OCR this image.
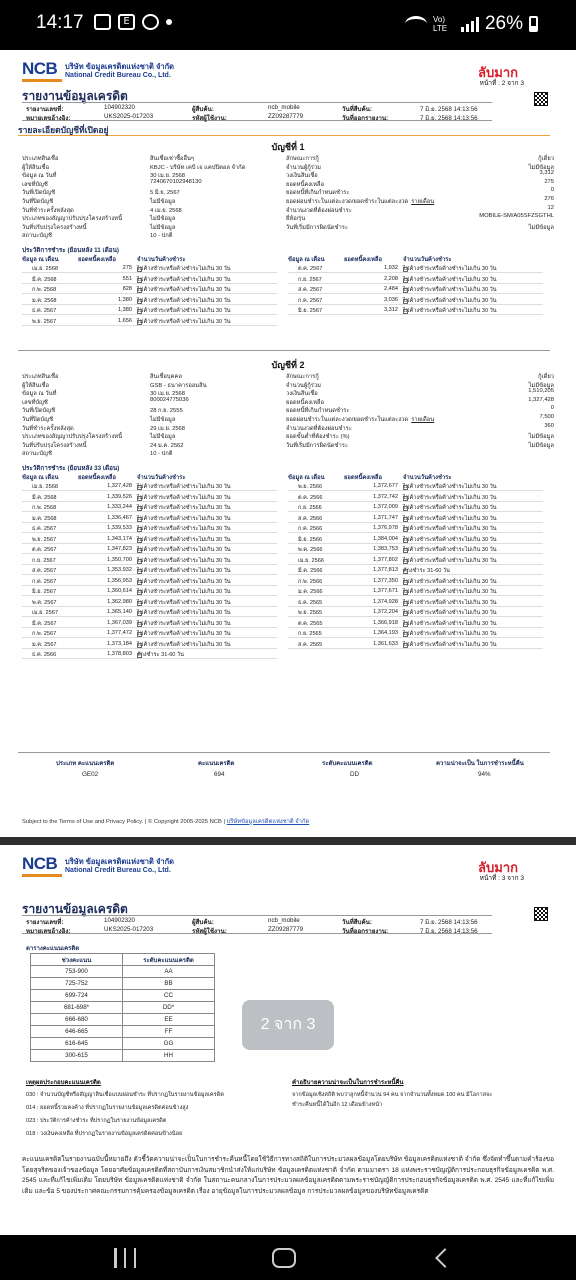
14:17	E	Vo) LTE	26%
NCB	บริษัท ข้อมูลเครดิตแห่งชาติ จำกัด
National Credit Bureau Co., Ltd.	ลับมาก
หน้าที่ : 2 จาก 3
รายงานข้อมูลเครดิต
รายงานเลขที่:	104902320
หมายเลขอ้างอิง:	UKS2025-017203
ผู้สืบค้น:	ncb_mobile
รหัสผู้ใช้งาน:	ZZ09287779
วันที่สืบค้น:	7 มิ.ย. 2568 14:13:56
วันที่ออกรายงาน:	7 มิ.ย. 2568 14:13:56
รายละเอียดบัญชีที่เปิดอยู่
ประเภท คะแนนเครดิต	คะแนนเครดิต	ระดับคะแนนเครดิต	ความน่าจะเป็น ในการชำระหนี้คืน
GE02	694	DD	94%
Subject to the Terms of Use and Privacy Policy. | © Copyright 2005-2025 NCB | บริษัทข้อมูลเครดิตแห่งชาติ จำกัด
บัญชีที่ 1
ประเภทสินเชื่อ	สินเชื่อเช่าซื้ออื่นๆ
ผู้ให้สินเชื่อ	KBJC - บริษัท เคบี เจ แคปปิตอล จำกัด
ข้อมูล ณ วันที่	30 เม.ย. 2568
เลขที่บัญชี	7240670102948130
วันที่เปิดบัญชี	5 มิ.ย. 2567
วันที่ปิดบัญชี	ไม่มีข้อมูล
วันที่ชำระครั้งหลังสุด	4 เม.ย. 2568
ประเภทของสัญญาปรับปรุงโครงสร้างหนี้	ไม่มีข้อมูล
วันที่ปรับปรุงโครงสร้างหนี้	ไม่มีข้อมูล
สถานะบัญชี	10 - ปกติ
ลักษณะการกู้	กู้เดี่ยว
จำนวนผู้กู้ร่วม	ไม่มีข้อมูล
วงเงินสินเชื่อ	3,312
ยอดหนี้คงเหลือ	275
ยอดหนี้ที่เกินกำหนดชำระ	0
ยอดผ่อนชำระในแต่ละงวด/ยอดชำระในแต่ละงวด รายเดือน	276
จำนวนงวดที่ต้องผ่อนชำระ	12
ยี่ห้อ/รุ่น	MOBILE-SM/A05SFZSGTHL
วันที่เริ่มมีการผิดนัดชำระ	ไม่มีข้อมูล
ประวัติการชำระ (ย้อนหลัง 11 เดือน)
ข้อมูล ณ เดือน	ยอดหนี้คงเหลือ	จำนวนวันค้างชำระ	ข้อมูล ณ เดือน	ยอดหนี้คงเหลือ	จำนวนวันค้างชำระ
เม.ย. 2568	275 ไม่ค้างชำระหรือค้างชำระไม่เกิน 30 วัน
มี.ค. 2568	551 ไม่ค้างชำระหรือค้างชำระไม่เกิน 30 วัน
ก.พ. 2568	828 ไม่ค้างชำระหรือค้างชำระไม่เกิน 30 วัน
ม.ค. 2568	1,380 ไม่ค้างชำระหรือค้างชำระไม่เกิน 30 วัน
ธ.ค. 2567	1,380 ไม่ค้างชำระหรือค้างชำระไม่เกิน 30 วัน
พ.ย. 2567	1,656 ไม่ค้างชำระหรือค้างชำระไม่เกิน 30 วัน
ต.ค. 2567	1,932 ไม่ค้างชำระหรือค้างชำระไม่เกิน 30 วัน
ก.ย. 2567	2,208 ไม่ค้างชำระหรือค้างชำระไม่เกิน 30 วัน
ส.ค. 2567	2,484 ไม่ค้างชำระหรือค้างชำระไม่เกิน 30 วัน
ก.ค. 2567	3,036 ไม่ค้างชำระหรือค้างชำระไม่เกิน 30 วัน
มิ.ย. 2567	3,312 ไม่ค้างชำระหรือค้างชำระไม่เกิน 30 วัน
บัญชีที่ 2
ประเภทสินเชื่อ	สินเชื่อบุคคล
ผู้ให้สินเชื่อ	GSB - ธนาคารออมสิน
ข้อมูล ณ วันที่	30 เม.ย. 2568
เลขที่บัญชี	800024775036
วันที่เปิดบัญชี	28 ก.ย. 2555
วันที่ปิดบัญชี	ไม่มีข้อมูล
วันที่ชำระครั้งหลังสุด	29 เม.ย. 2568
ประเภทของสัญญาปรับปรุงโครงสร้างหนี้	ไม่มีข้อมูล
วันที่ปรับปรุงโครงสร้างหนี้	24 ม.ค. 2562
สถานะบัญชี	10 - ปกติ
ลักษณะการกู้	กู้เดี่ยว
จำนวนผู้กู้ร่วม	ไม่มีข้อมูล
วงเงินสินเชื่อ	1,510,205
ยอดหนี้คงเหลือ	1,327,428
ยอดหนี้ที่เกินกำหนดชำระ	0
ยอดผ่อนชำระในแต่ละงวด/ยอดชำระในแต่ละงวด รายเดือน	7,500
จำนวนงวดที่ต้องผ่อนชำระ	360
ยอดขั้นต่ำที่ต้องชำระ (%)	ไม่มีข้อมูล
วันที่เริ่มมีการผิดนัดชำระ	ไม่มีข้อมูล
ประวัติการชำระ (ย้อนหลัง 33 เดือน)
ข้อมูล ณ เดือน	ยอดหนี้คงเหลือ	จำนวนวันค้างชำระ	ข้อมูล ณ เดือน	ยอดหนี้คงเหลือ	จำนวนวันค้างชำระ
เม.ย. 2568	1,327,428 ไม่ค้างชำระหรือค้างชำระไม่เกิน 30 วัน
มี.ค. 2568	1,339,526 ไม่ค้างชำระหรือค้างชำระไม่เกิน 30 วัน
ก.พ. 2568	1,333,244 ไม่ค้างชำระหรือค้างชำระไม่เกิน 30 วัน
ม.ค. 2568	1,336,467 ไม่ค้างชำระหรือค้างชำระไม่เกิน 30 วัน
ธ.ค. 2567	1,339,533 ไม่ค้างชำระหรือค้างชำระไม่เกิน 30 วัน
พ.ย. 2567	1,343,174 ไม่ค้างชำระหรือค้างชำระไม่เกิน 30 วัน
ต.ค. 2567	1,347,823 ไม่ค้างชำระหรือค้างชำระไม่เกิน 30 วัน
ก.ย. 2567	1,350,700 ไม่ค้างชำระหรือค้างชำระไม่เกิน 30 วัน
ส.ค. 2567	1,353,932 ไม่ค้างชำระหรือค้างชำระไม่เกิน 30 วัน
ก.ค. 2567	1,356,953 ไม่ค้างชำระหรือค้างชำระไม่เกิน 30 วัน
มิ.ย. 2567	1,360,614 ไม่ค้างชำระหรือค้างชำระไม่เกิน 30 วัน
พ.ค. 2567	1,362,980 ไม่ค้างชำระหรือค้างชำระไม่เกิน 30 วัน
เม.ย. 2567	1,365,140 ไม่ค้างชำระหรือค้างชำระไม่เกิน 30 วัน
มี.ค. 2567	1,367,039 ไม่ค้างชำระหรือค้างชำระไม่เกิน 30 วัน
ก.พ. 2567	1,377,472 ไม่ค้างชำระหรือค้างชำระไม่เกิน 30 วัน
ม.ค. 2567	1,373,184 ไม่ค้างชำระหรือค้างชำระไม่เกิน 30 วัน
ธ.ค. 2566	1,378,803 ค้างชำระ 31-60 วัน
พ.ย. 2566	1,372,677 ไม่ค้างชำระหรือค้างชำระไม่เกิน 30 วัน
ต.ค. 2566	1,372,742 ไม่ค้างชำระหรือค้างชำระไม่เกิน 30 วัน
ก.ย. 2566	1,372,009 ไม่ค้างชำระหรือค้างชำระไม่เกิน 30 วัน
ส.ค. 2566	1,371,747 ไม่ค้างชำระหรือค้างชำระไม่เกิน 30 วัน
ก.ค. 2566	1,376,978 ไม่ค้างชำระหรือค้างชำระไม่เกิน 30 วัน
มิ.ย. 2566	1,384,004 ไม่ค้างชำระหรือค้างชำระไม่เกิน 30 วัน
พ.ค. 2566	1,383,753 ไม่ค้างชำระหรือค้างชำระไม่เกิน 30 วัน
เม.ย. 2566	1,377,802 ไม่ค้างชำระหรือค้างชำระไม่เกิน 30 วัน
มี.ค. 2566	1,377,813 ค้างชำระ 31-60 วัน
ก.พ. 2566	1,377,350 ไม่ค้างชำระหรือค้างชำระไม่เกิน 30 วัน
ม.ค. 2566	1,377,671 ไม่ค้างชำระหรือค้างชำระไม่เกิน 30 วัน
ธ.ค. 2565	1,374,928 ไม่ค้างชำระหรือค้างชำระไม่เกิน 30 วัน
พ.ย. 2565	1,372,204 ไม่ค้างชำระหรือค้างชำระไม่เกิน 30 วัน
ต.ค. 2565	1,366,918 ไม่ค้างชำระหรือค้างชำระไม่เกิน 30 วัน
ก.ย. 2565	1,364,193 ไม่ค้างชำระหรือค้างชำระไม่เกิน 30 วัน
ส.ค. 2565	1,361,633 ไม่ค้างชำระหรือค้างชำระไม่เกิน 30 วัน
NCB	บริษัท ข้อมูลเครดิตแห่งชาติ จำกัด
National Credit Bureau Co., Ltd.	ลับมาก
หน้าที่ : 3 จาก 3
รายงานข้อมูลเครดิต
รายงานเลขที่:	104902320
หมายเลขอ้างอิง:	UKS2025-017203
ผู้สืบค้น:	ncb_mobile
รหัสผู้ใช้งาน:	ZZ09287779
วันที่สืบค้น:	7 มิ.ย. 2568 14:13:56
วันที่ออกรายงาน:	7 มิ.ย. 2568 14:13:56
ตารางคะแนนเครดิต
ช่วงคะแนน	ระดับคะแนนเครดิต
753-900	AA
725-752	BB
699-724	CC
681-698*	DD*
666-680	EE
646-665	FF
616-645	GG
300-615	HH
2 จาก 3
เหตุผลประกอบคะแนนเครดิต	คำอธิบายความน่าจะเป็นในการชำระหนี้คืน
จากข้อมูลเชิงสถิติ พบว่าลูกหนี้จำนวน 94 คน จากจำนวนทั้งหมด 100 คน มีโอกาสจะ
ชำระคืนหนี้ได้ในอีก 12 เดือนข้างหน้า
คะแนนเครดิตในรายงานฉบับนี้หมายถึง ตัวชี้วัดความน่าจะเป็นในการชำระคืนหนี้โดยใช้วิธีการทางสถิติในการประมวลผลข้อมูลโดยบริษัท ข้อมูลเครดิตแห่งชาติ จำกัด ซึ่งจัดทำขึ้นตามคำร้องขอโดยสุจริตของเจ้าของข้อมูล โดยอาศัยข้อมูลเครดิตที่สถาบันการเงินสมาชิกนำส่งให้แก่บริษัท ข้อมูลเครดิตแห่งชาติ จำกัด ตามมาตรา 18 แห่งพระราชบัญญัติการประกอบธุรกิจข้อมูลเครดิต พ.ศ. 2545 และที่แก้ไขเพิ่มเติม โดยบริษัท ข้อมูลเครดิตแห่งชาติ จำกัด ในสถานะคนกลางในการประมวลผลข้อมูลเครดิตตามพระราชบัญญัติการประกอบธุรกิจข้อมูลเครดิต พ.ศ. 2545 และที่แก้ไขเพิ่มเติม และข้อ 5 ของประกาศคณะกรรมการคุ้มครองข้อมูลเครดิต เรื่อง อายุข้อมูลในการประมวลผลข้อมูล การประมวลผลข้อมูลของบริษัทข้อมูลเครดิต
030 : จำนวนบัญชีหรือสัญญาสินเชื่อแบบผ่อนชำระ ที่ปรากฏในรายงานข้อมูลเครดิต
014 : ยอดหนี้รวมคงค้าง ที่ปรากฏในรายงานข้อมูลเครดิตค่อนข้างสูง
023 : ประวัติการค้างชำระ ที่ปรากฏในรายงานข้อมูลเครดิต
018 : วงเงินคงเหลือ ที่ปรากฏในรายงานข้อมูลเครดิตค่อนข้างน้อย
